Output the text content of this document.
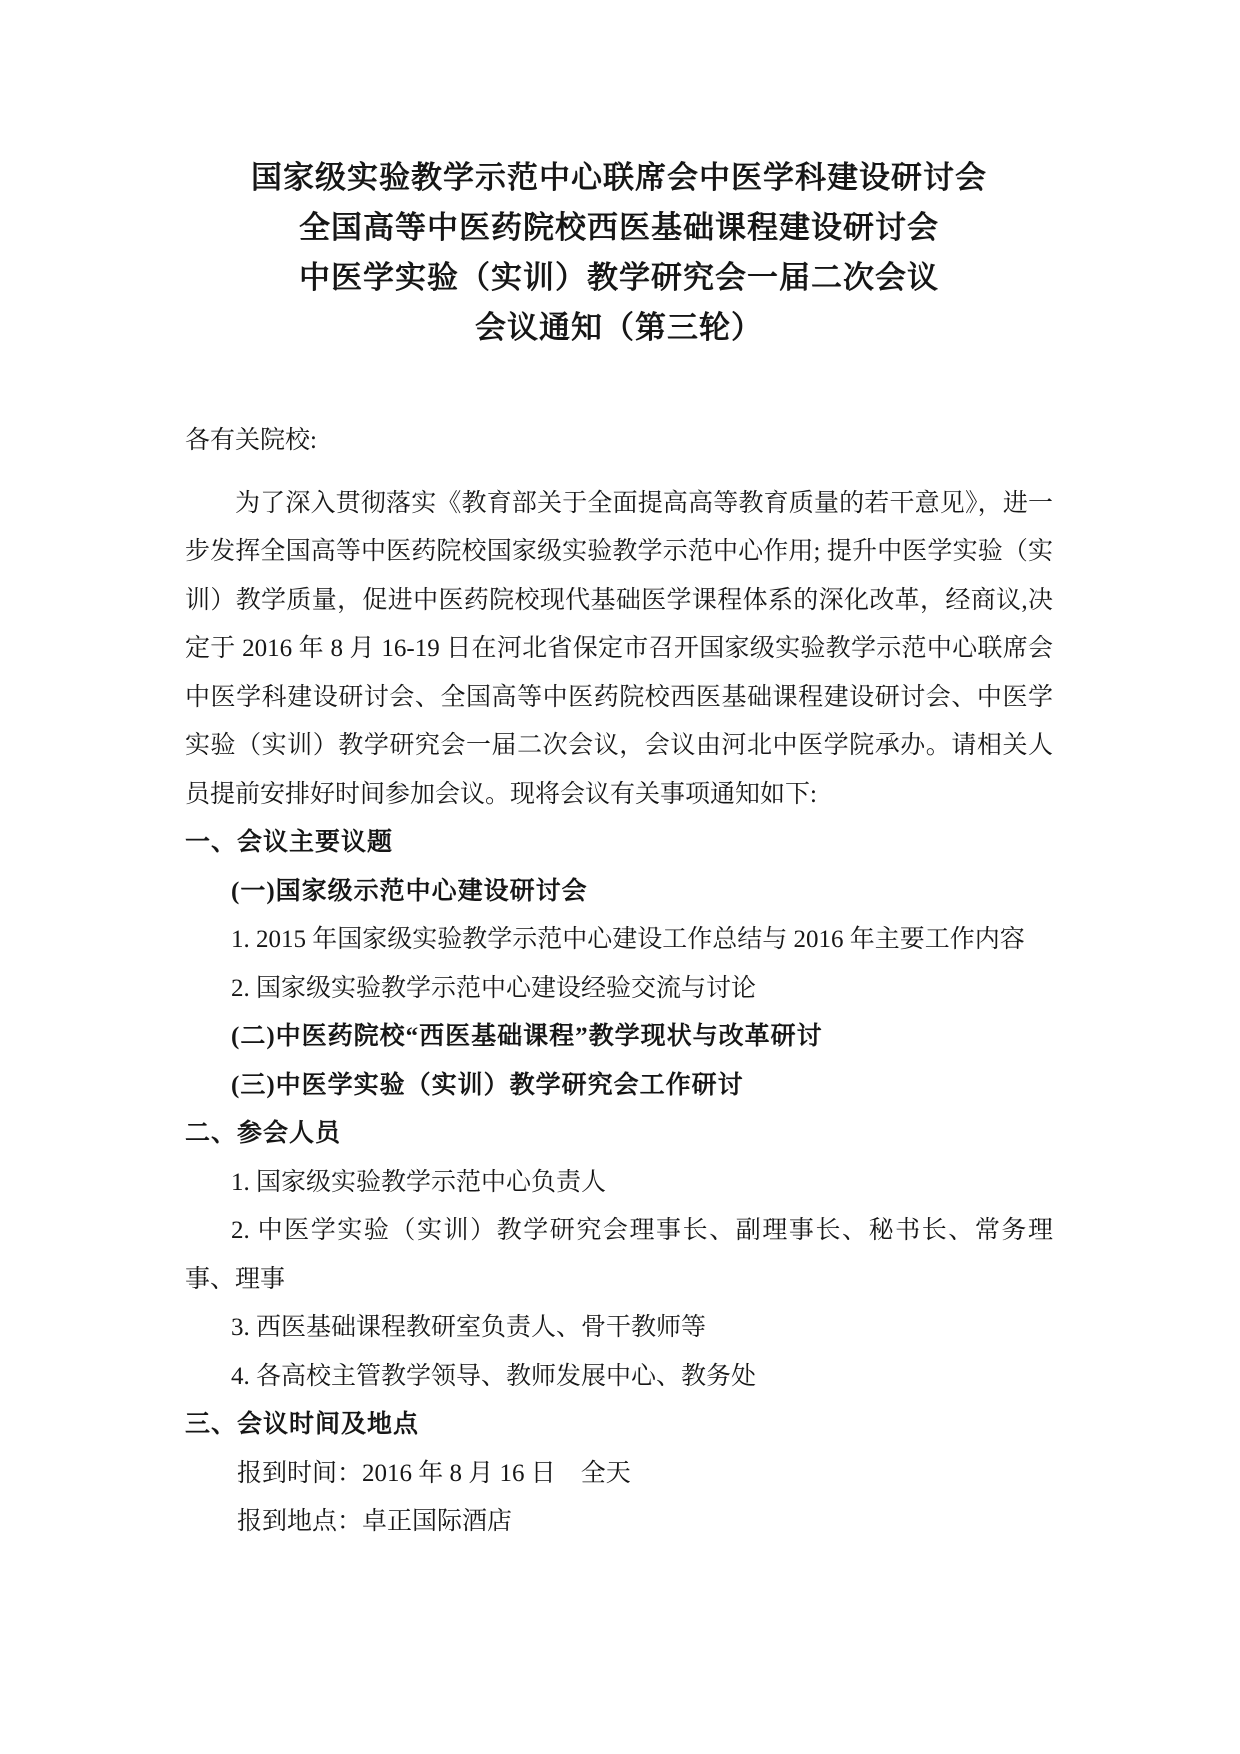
国家级实验教学示范中心联席会中医学科建设研讨会
全国高等中医药院校西医基础课程建设研讨会
中医学实验（实训）教学研究会一届二次会议
会议通知（第三轮）
各有关院校:

为了深入贯彻落实《教育部关于全面提高高等教育质量的若干意见》，进一步发挥全国高等中医药院校国家级实验教学示范中心作用; 提升中医学实验（实训）教学质量，促进中医药院校现代基础医学课程体系的深化改革，经商议,决定于 2016 年 8 月 16-19 日在河北省保定市召开国家级实验教学示范中心联席会中医学科建设研讨会、全国高等中医药院校西医基础课程建设研讨会、中医学实验（实训）教学研究会一届二次会议，会议由河北中医学院承办。请相关人员提前安排好时间参加会议。现将会议有关事项通知如下:

一、会议主要议题
(一)国家级示范中心建设研讨会
1. 2015 年国家级实验教学示范中心建设工作总结与 2016 年主要工作内容
2. 国家级实验教学示范中心建设经验交流与讨论
(二)中医药院校“西医基础课程”教学现状与改革研讨
(三)中医学实验（实训）教学研究会工作研讨
二、参会人员
1. 国家级实验教学示范中心负责人

2. 中医学实验（实训）教学研究会理事长、副理事长、秘书长、常务理事、理事

3. 西医基础课程教研室负责人、骨干教师等
4. 各高校主管教学领导、教师发展中心、教务处
三、会议时间及地点
报到时间：2016 年 8 月 16 日　全天
报到地点：卓正国际酒店
